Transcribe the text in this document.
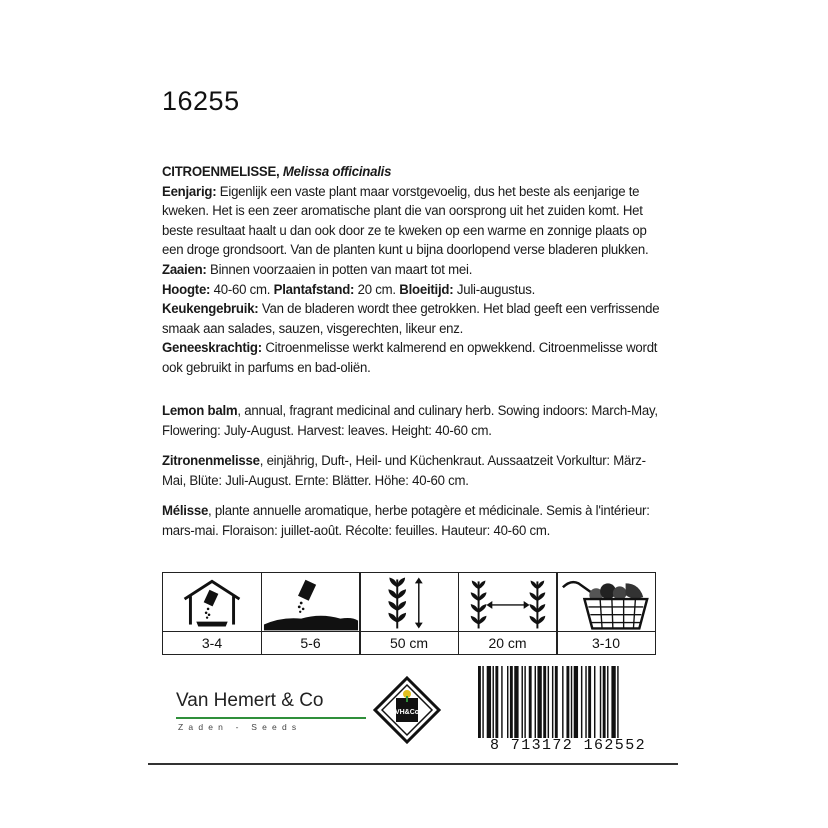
16255
CITROENMELISSE, Melissa officinalis
Eenjarig: Eigenlijk een vaste plant maar vorstgevoelig, dus het beste als eenjarige te kweken. Het is een zeer aromatische plant die van oorsprong uit het zuiden komt. Het beste resultaat haalt u dan ook door ze te kweken op een warme en zonnige plaats op een droge grondsoort. Van de planten kunt u bijna doorlopend verse bladeren plukken. Zaaien: Binnen voorzaaien in potten van maart tot mei.
Hoogte: 40-60 cm. Plantafstand: 20 cm. Bloeitijd: Juli-augustus.
Keukengebruik: Van de bladeren wordt thee getrokken. Het blad geeft een verfrissende smaak aan salades, sauzen, visgerechten, likeur enz.
Geneeskrachtig: Citroenmelisse werkt kalmerend en opwekkend. Citroenmelisse wordt ook gebruikt in parfums en bad-oliën.
Lemon balm, annual, fragrant medicinal and culinary herb. Sowing indoors: March-May, Flowering: July-August. Harvest: leaves. Height: 40-60 cm.
Zitronenmelisse, einjährig, Duft-, Heil- und Küchenkraut. Aussaatzeit Vorkultur: März-Mai, Blüte: Juli-August. Ernte: Blätter. Höhe: 40-60 cm.
Mélisse, plante annuelle aromatique, herbe potagère et médicinale. Semis à l'intérieur: mars-mai. Floraison: juillet-août. Récolte: feuilles. Hauteur: 40-60 cm.
3-4	5-6	50 cm	20 cm	3-10
Van Hemert & Co
Zaden - Seeds
VH&Co
8 713172 162552
